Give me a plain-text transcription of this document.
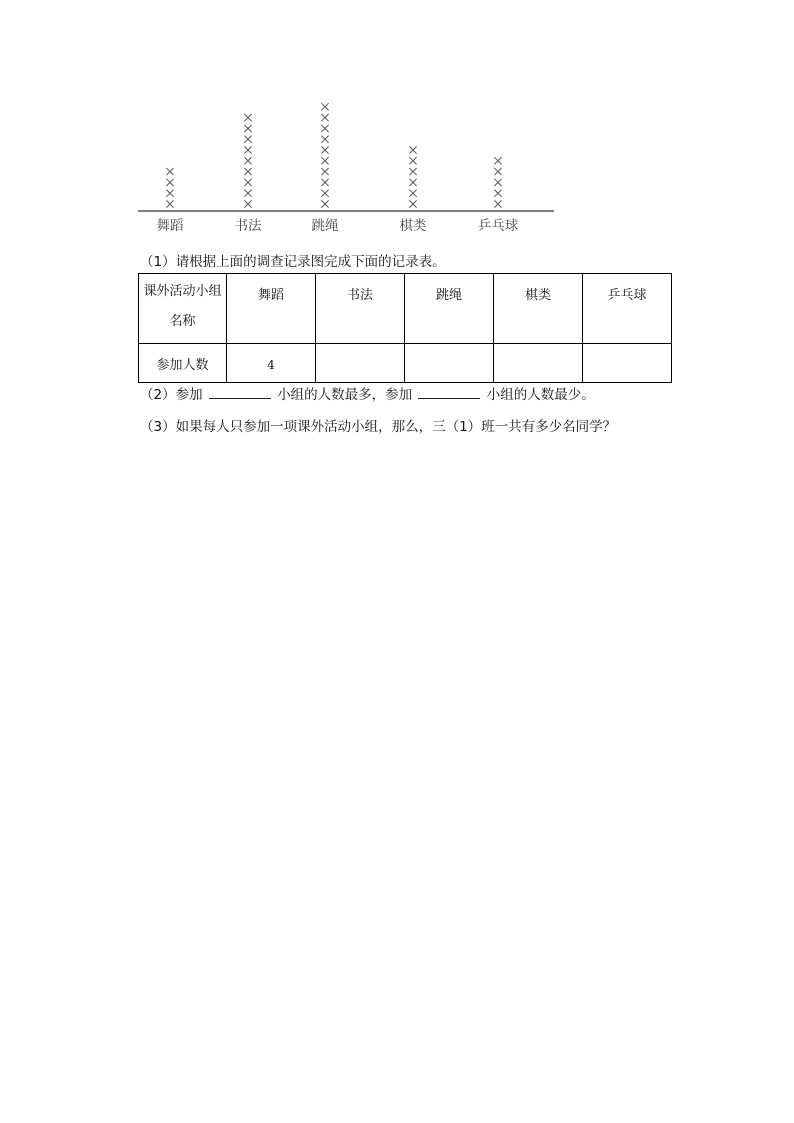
舞蹈	书法	跳绳	棋类	乒乓球
（1）请根据上面的调查记录图完成下面的记录表。
课外活动小组
名称	舞蹈	书法	跳绳	棋类	乒乓球

参加人数	4				
（2）参加	小组的人数最多，参加	小组的人数最少。
（3）如果每人只参加一项课外活动小组，那么，三（1）班一共有多少名同学？
